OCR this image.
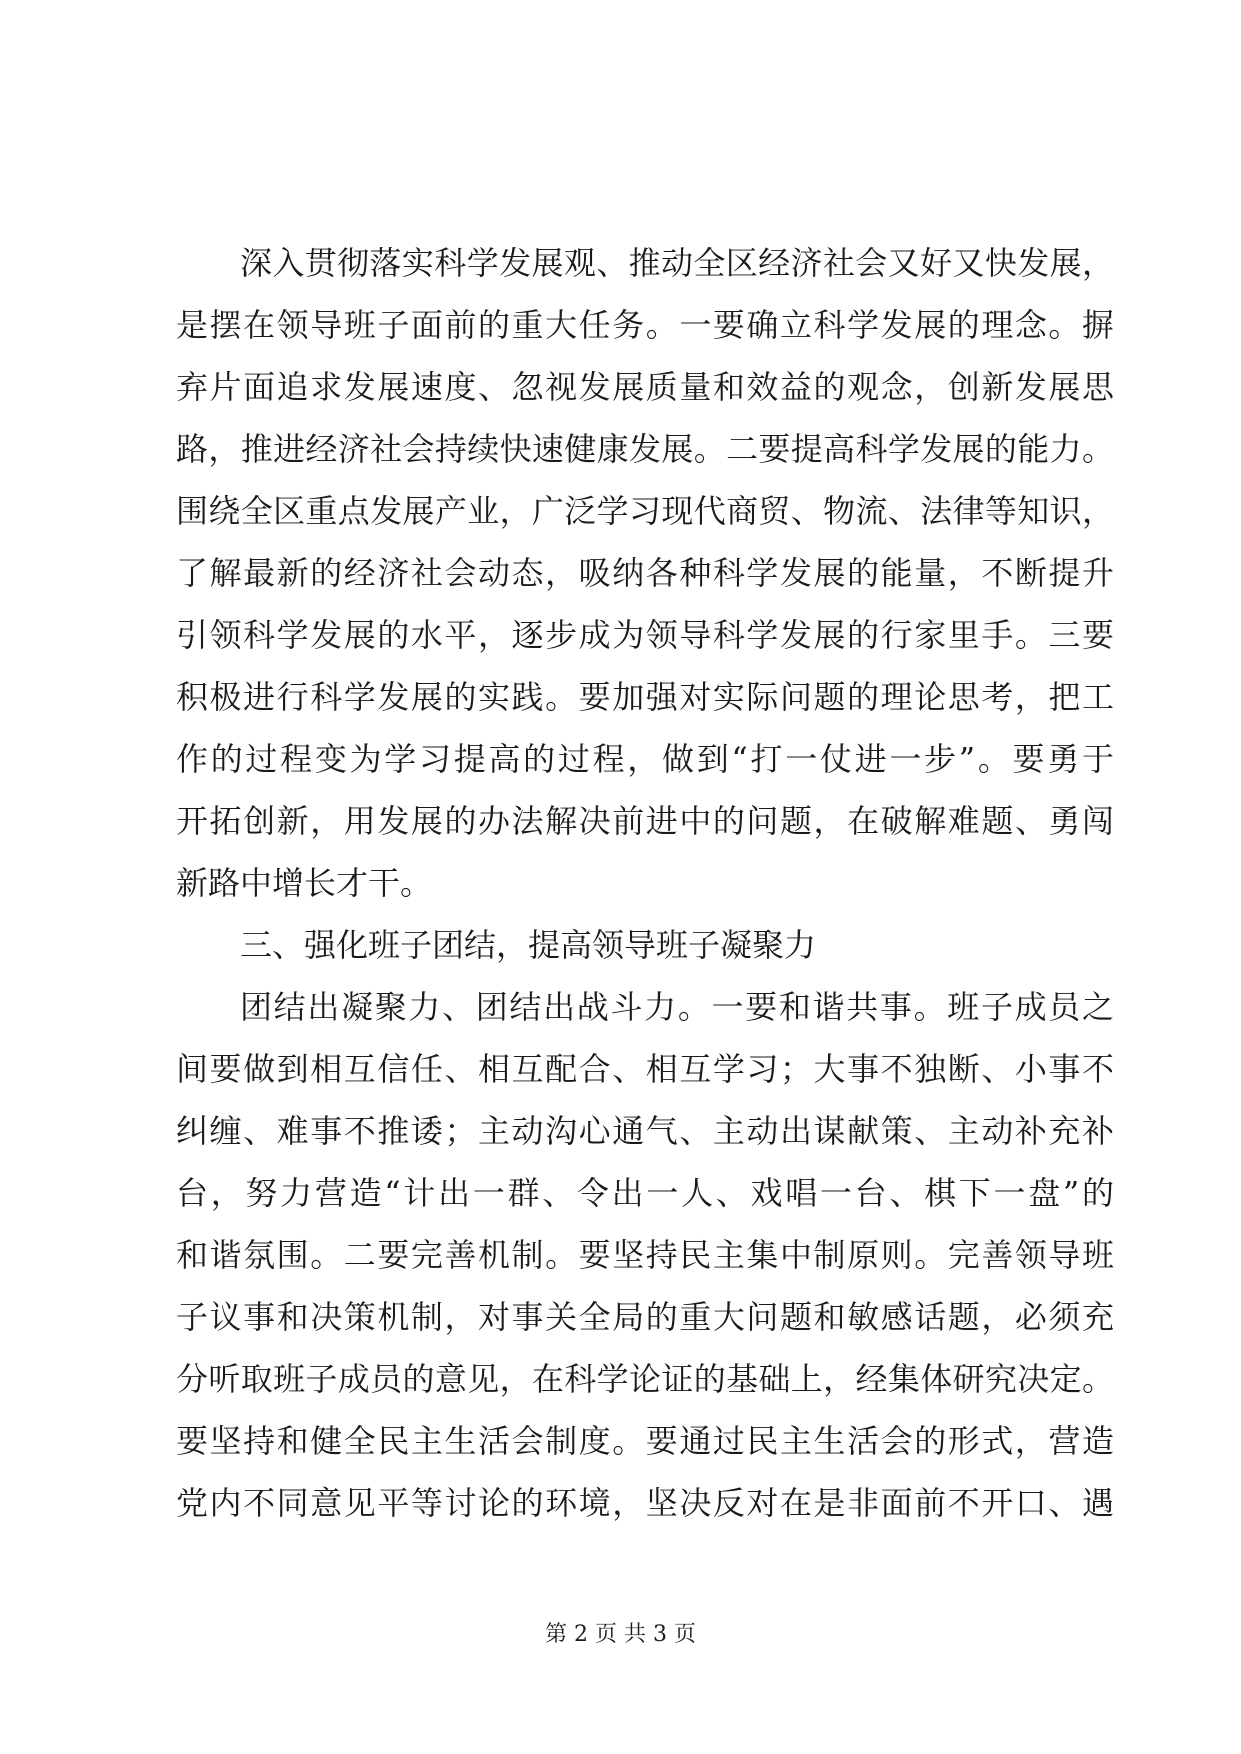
深入贯彻落实科学发展观、推动全区经济社会又好又快发展，
是摆在领导班子面前的重大任务。一要确立科学发展的理念。摒
弃片面追求发展速度、忽视发展质量和效益的观念，创新发展思
路，推进经济社会持续快速健康发展。二要提高科学发展的能力。
围绕全区重点发展产业，广泛学习现代商贸、物流、法律等知识，
了解最新的经济社会动态，吸纳各种科学发展的能量，不断提升
引领科学发展的水平，逐步成为领导科学发展的行家里手。三要
积极进行科学发展的实践。要加强对实际问题的理论思考，把工
作的过程变为学习提高的过程，做到“打一仗进一步”。要勇于
开拓创新，用发展的办法解决前进中的问题，在破解难题、勇闯
新路中增长才干。
三、强化班子团结，提高领导班子凝聚力
团结出凝聚力、团结出战斗力。一要和谐共事。班子成员之
间要做到相互信任、相互配合、相互学习；大事不独断、小事不
纠缠、难事不推诿；主动沟心通气、主动出谋献策、主动补充补
台，努力营造“计出一群、令出一人、戏唱一台、棋下一盘”的
和谐氛围。二要完善机制。要坚持民主集中制原则。完善领导班
子议事和决策机制，对事关全局的重大问题和敏感话题，必须充
分听取班子成员的意见，在科学论证的基础上，经集体研究决定。
要坚持和健全民主生活会制度。要通过民主生活会的形式，营造
党内不同意见平等讨论的环境，坚决反对在是非面前不开口、遇
第 2 页 共 3 页
